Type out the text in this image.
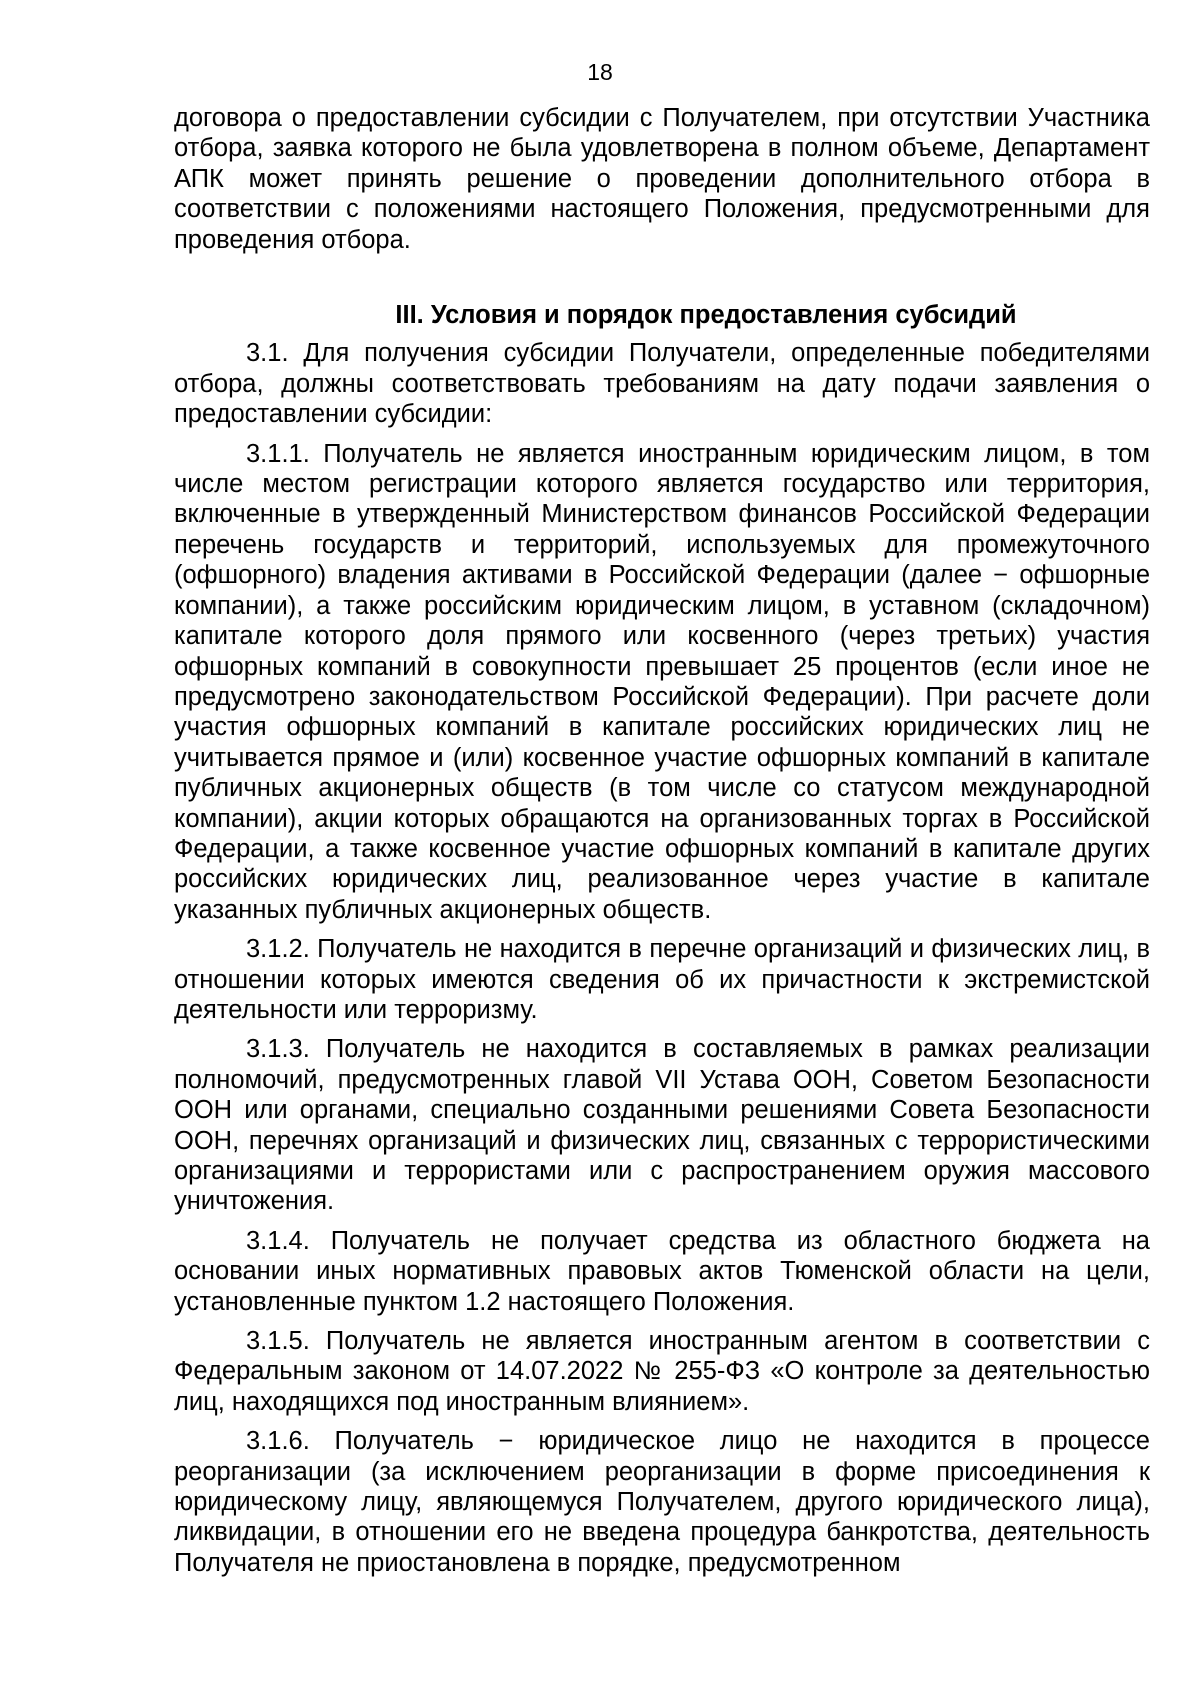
18

договора о предоставлении субсидии с Получателем, при отсутствии Участника отбора, заявка которого не была удовлетворена в полном объеме, Департамент АПК может принять решение о проведении дополнительного отбора в соответствии с положениями настоящего Положения, предусмотренными для проведения отбора.

III. Условия и порядок предоставления субсидий

3.1. Для получения субсидии Получатели, определенные победителями отбора, должны соответствовать требованиям на дату подачи заявления о предоставлении субсидии:

3.1.1. Получатель не является иностранным юридическим лицом, в том числе местом регистрации которого является государство или территория, включенные в утвержденный Министерством финансов Российской Федерации перечень государств и территорий, используемых для промежуточного (офшорного) владения активами в Российской Федерации (далее − офшорные компании), а также российским юридическим лицом, в уставном (складочном) капитале которого доля прямого или косвенного (через третьих) участия офшорных компаний в совокупности превышает 25 процентов (если иное не предусмотрено законодательством Российской Федерации). При расчете доли участия офшорных компаний в капитале российских юридических лиц не учитывается прямое и (или) косвенное участие офшорных компаний в капитале публичных акционерных обществ (в том числе со статусом международной компании), акции которых обращаются на организованных торгах в Российской Федерации, а также косвенное участие офшорных компаний в капитале других российских юридических лиц, реализованное через участие в капитале указанных публичных акционерных обществ.

3.1.2. Получатель не находится в перечне организаций и физических лиц, в отношении которых имеются сведения об их причастности к экстремистской деятельности или терроризму.

3.1.3. Получатель не находится в составляемых в рамках реализации полномочий, предусмотренных главой VII Устава ООН, Советом Безопасности ООН или органами, специально созданными решениями Совета Безопасности ООН, перечнях организаций и физических лиц, связанных с террористическими организациями и террористами или с распространением оружия массового уничтожения.

3.1.4. Получатель не получает средства из областного бюджета на основании иных нормативных правовых актов Тюменской области на цели, установленные пунктом 1.2 настоящего Положения.

3.1.5. Получатель не является иностранным агентом в соответствии с Федеральным законом от 14.07.2022 № 255-ФЗ «О контроле за деятельностью лиц, находящихся под иностранным влиянием».

3.1.6. Получатель − юридическое лицо не находится в процессе реорганизации (за исключением реорганизации в форме присоединения к юридическому лицу, являющемуся Получателем, другого юридического лица), ликвидации, в отношении его не введена процедура банкротства, деятельность Получателя не приостановлена в порядке, предусмотренном
